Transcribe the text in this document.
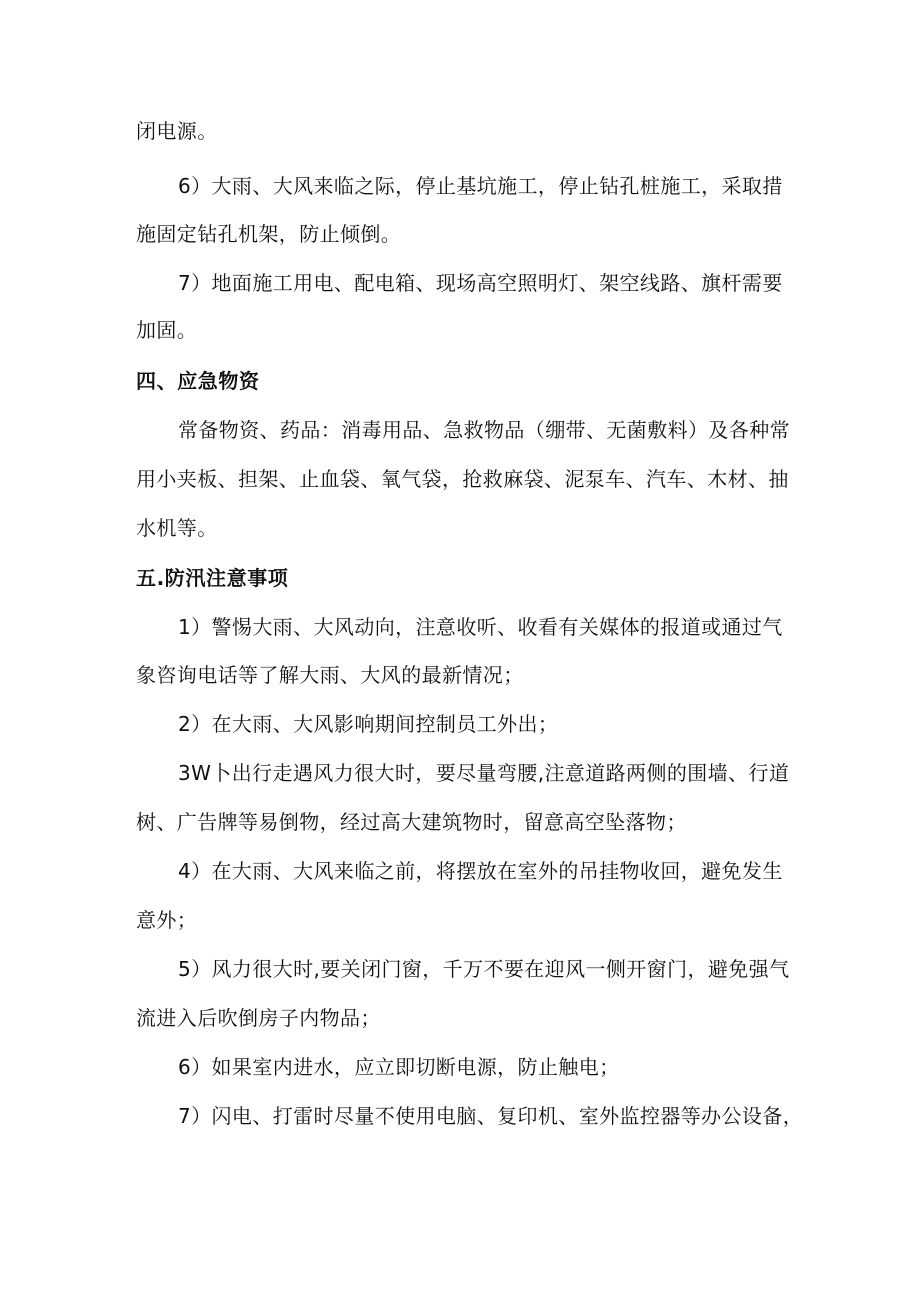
闭电源。
6）大雨、大风来临之际，停止基坑施工，停止钻孔桩施工，采取措
施固定钻孔机架，防止倾倒。
7）地面施工用电、配电箱、现场高空照明灯、架空线路、旗杆需要
加固。
四、应急物资
常备物资、药品：消毒用品、急救物品（绷带、无菌敷料）及各种常
用小夹板、担架、止血袋、氧气袋，抢救麻袋、泥泵车、汽车、木材、抽
水机等。
五.防汛注意事项
1）警惕大雨、大风动向，注意收听、收看有关媒体的报道或通过气
象咨询电话等了解大雨、大风的最新情况；
2）在大雨、大风影响期间控制员工外出；
3W卜出行走遇风力很大时，要尽量弯腰,注意道路两侧的围墙、行道
树、广告牌等易倒物，经过高大建筑物时，留意高空坠落物；
4）在大雨、大风来临之前，将摆放在室外的吊挂物收回，避免发生
意外；
5）风力很大时,要关闭门窗，千万不要在迎风一侧开窗门，避免强气
流进入后吹倒房子内物品；
6）如果室内进水，应立即切断电源，防止触电；
7）闪电、打雷时尽量不使用电脑、复印机、室外监控器等办公设备，
